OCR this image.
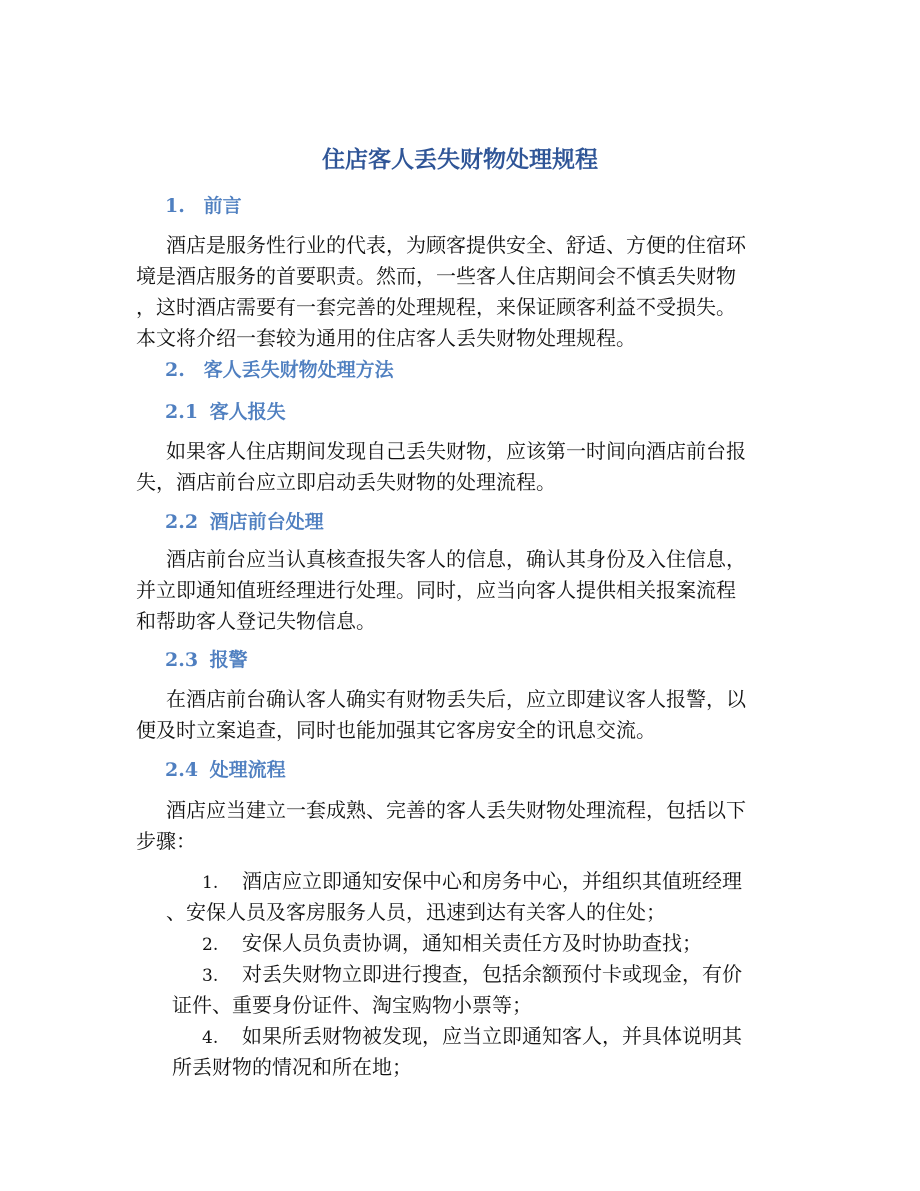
住店客人丢失财物处理规程
1. 前言
酒店是服务性行业的代表，为顾客提供安全、舒适、方便的住宿环
境是酒店服务的首要职责。然而，一些客人住店期间会不慎丢失财物
，这时酒店需要有一套完善的处理规程，来保证顾客利益不受损失。
本文将介绍一套较为通用的住店客人丢失财物处理规程。
2. 客人丢失财物处理方法
2.1 客人报失
如果客人住店期间发现自己丢失财物，应该第一时间向酒店前台报
失，酒店前台应立即启动丢失财物的处理流程。
2.2 酒店前台处理
酒店前台应当认真核查报失客人的信息，确认其身份及入住信息，
并立即通知值班经理进行处理。同时，应当向客人提供相关报案流程
和帮助客人登记失物信息。
2.3 报警
在酒店前台确认客人确实有财物丢失后，应立即建议客人报警，以
便及时立案追查，同时也能加强其它客房安全的讯息交流。
2.4 处理流程
酒店应当建立一套成熟、完善的客人丢失财物处理流程，包括以下
步骤：
1. 酒店应立即通知安保中心和房务中心，并组织其值班经理
、安保人员及客房服务人员，迅速到达有关客人的住处；
2. 安保人员负责协调，通知相关责任方及时协助查找；
3. 对丢失财物立即进行搜查，包括余额预付卡或现金，有价
证件、重要身份证件、淘宝购物小票等；
4. 如果所丢财物被发现，应当立即通知客人，并具体说明其
所丢财物的情况和所在地；
